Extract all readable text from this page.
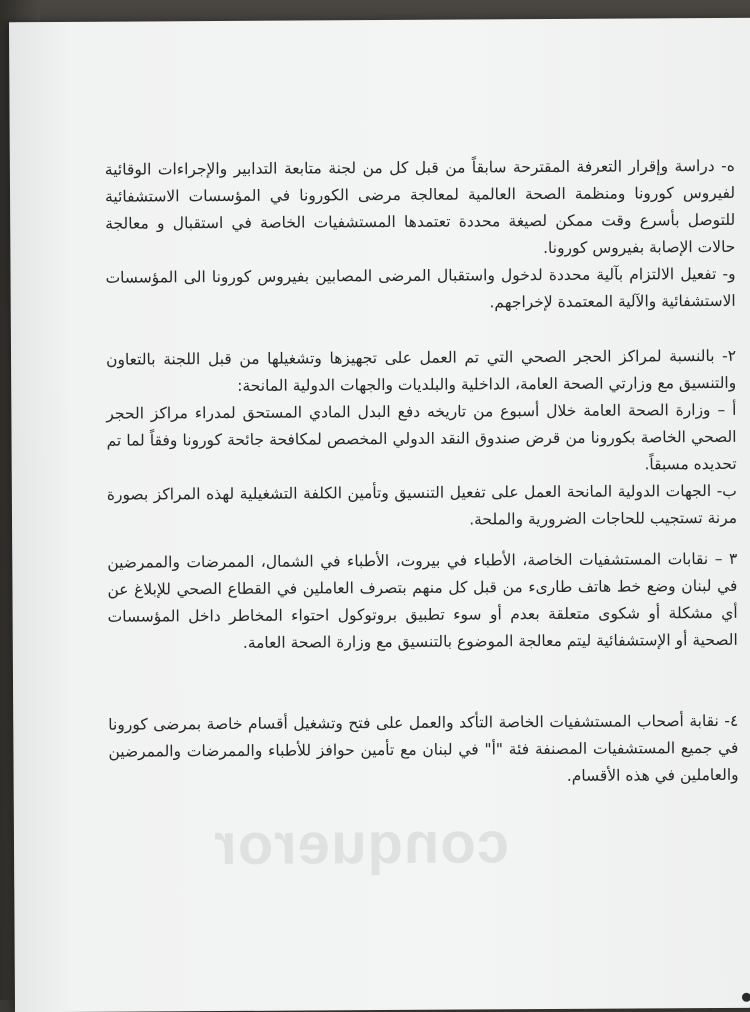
conqueror

ه- دراسة وإقرار التعرفة المقترحة سابقاً من قبل كل من لجنة متابعة التدابير والإجراءات الوقائية لفيروس كورونا ومنظمة الصحة العالمية لمعالجة مرضى الكورونا في المؤسسات الاستشفائية للتوصل بأسرع وقت ممكن لصيغة محددة تعتمدها المستشفيات الخاصة في استقبال و معالجة حالات الإصابة بفيروس كورونا.

و- تفعيل الالتزام بآلية محددة لدخول واستقبال المرضى المصابين بفيروس كورونا الى المؤسسات الاستشفائية والآلية المعتمدة لإخراجهم.

٢- بالنسبة لمراكز الحجر الصحي التي تم العمل على تجهيزها وتشغيلها من قبل اللجنة بالتعاون والتنسيق مع وزارتي الصحة العامة، الداخلية والبلديات والجهات الدولية المانحة:

أ – وزارة الصحة العامة خلال أسبوع من تاريخه دفع البدل المادي المستحق لمدراء مراكز الحجر الصحي الخاصة بكورونا من قرض صندوق النقد الدولي المخصص لمكافحة جائحة كورونا وفقاً لما تم تحديده مسبقاً.

ب- الجهات الدولية المانحة العمل على تفعيل التنسيق وتأمين الكلفة التشغيلية لهذه المراكز بصورة مرنة تستجيب للحاجات الضرورية والملحة.

٣ – نقابات المستشفيات الخاصة، الأطباء في بيروت، الأطباء في الشمال، الممرضات والممرضين في لبنان وضع خط هاتف طارىء من قبل كل منهم بتصرف العاملين في القطاع الصحي للإبلاغ عن أي مشكلة أو شكوى متعلقة بعدم أو سوء تطبيق بروتوكول احتواء المخاطر داخل المؤسسات الصحية أو الإستشفائية ليتم معالجة الموضوع بالتنسيق مع وزارة الصحة العامة.

٤- نقابة أصحاب المستشفيات الخاصة التأكد والعمل على فتح وتشغيل أقسام خاصة بمرضى كورونا في جميع المستشفيات المصنفة فئة "أ" في لبنان مع تأمين حوافز للأطباء والممرضات والممرضين والعاملين في هذه الأقسام.
